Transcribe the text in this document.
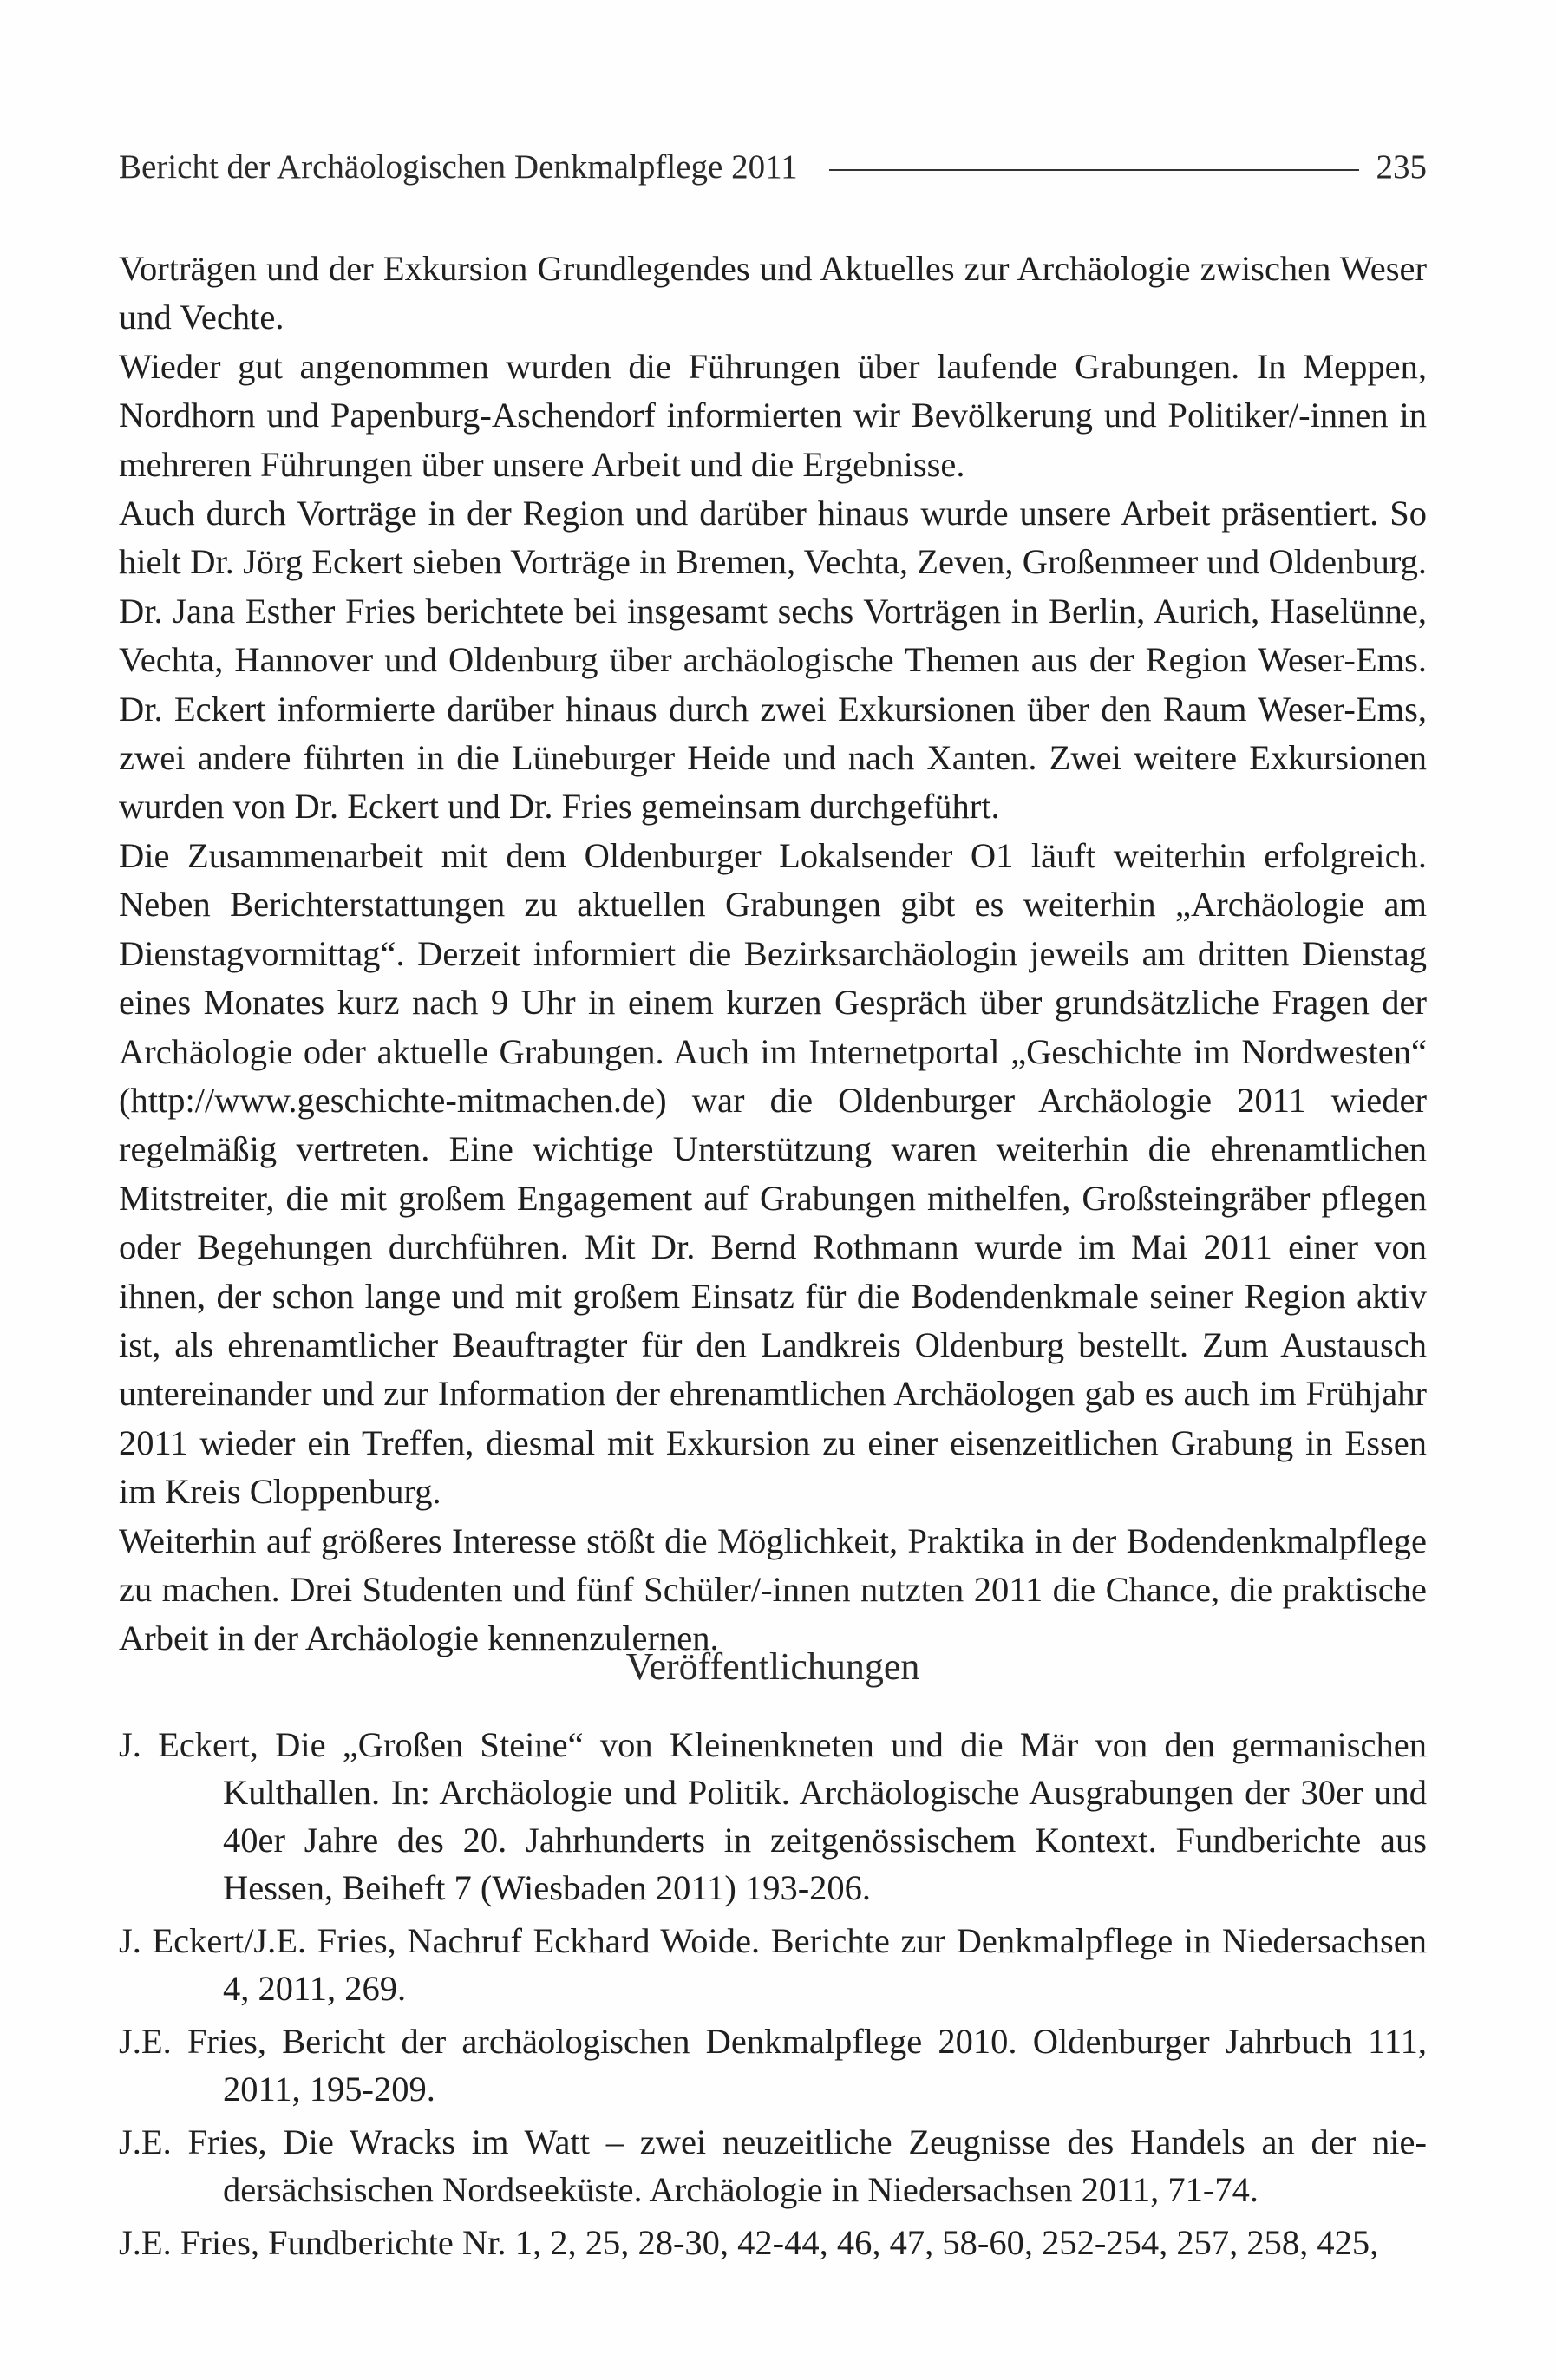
Bericht der Archäologischen Denkmalpflege 2011	235

Vorträgen und der Exkursion Grundlegendes und Aktuelles zur Archäologie zwischen Weser und Vechte.

Wieder gut angenommen wurden die Führungen über laufende Grabungen. In Meppen, Nordhorn und Papenburg-Aschendorf informierten wir Bevölkerung und Politiker/-innen in mehreren Führungen über unsere Arbeit und die Ergebnisse.

Auch durch Vorträge in der Region und darüber hinaus wurde unsere Arbeit präsentiert. So hielt Dr. Jörg Eckert sieben Vorträge in Bremen, Vechta, Zeven, Großenmeer und Oldenburg. Dr. Jana Esther Fries berichtete bei insgesamt sechs Vorträgen in Berlin, Aurich, Haselünne, Vechta, Hannover und Oldenburg über archäologische Themen aus der Region Weser-Ems. Dr. Eckert informierte darüber hinaus durch zwei Exkursionen über den Raum Weser-Ems, zwei andere führten in die Lüneburger Heide und nach Xanten. Zwei weitere Exkursionen wurden von Dr. Eckert und Dr. Fries gemeinsam durchgeführt.

Die Zusammenarbeit mit dem Oldenburger Lokalsender O1 läuft weiterhin erfolgreich. Neben Berichterstattungen zu aktuellen Grabungen gibt es weiterhin „Archäologie am Dienstagvormittag“. Derzeit informiert die Bezirksarchäologin jeweils am dritten Dienstag eines Monates kurz nach 9 Uhr in einem kurzen Gespräch über grundsätzliche Fragen der Archäologie oder aktuelle Grabungen. Auch im Internetportal „Geschichte im Nordwesten“ (http://www.geschichte-mitmachen.de) war die Oldenburger Archäologie 2011 wieder regelmäßig vertreten. Eine wichtige Unterstützung waren weiterhin die ehrenamtlichen Mitstreiter, die mit großem Engagement auf Grabungen mithelfen, Großsteingräber pflegen oder Begehungen durchführen. Mit Dr. Bernd Rothmann wurde im Mai 2011 einer von ihnen, der schon lange und mit großem Einsatz für die Bodendenkmale seiner Region aktiv ist, als ehrenamtlicher Beauftragter für den Landkreis Oldenburg bestellt. Zum Austausch untereinander und zur Information der ehrenamtlichen Archäologen gab es auch im Frühjahr 2011 wieder ein Treffen, diesmal mit Exkursion zu einer eisenzeitlichen Grabung in Essen im Kreis Cloppenburg.

Weiterhin auf größeres Interesse stößt die Möglichkeit, Praktika in der Bodendenkmalpflege zu machen. Drei Studenten und fünf Schüler/-innen nutzten 2011 die Chance, die praktische Arbeit in der Archäologie kennenzulernen.

Veröffentlichungen

J. Eckert, Die „Großen Steine“ von Kleinenkneten und die Mär von den germanischen Kulthallen. In: Archäologie und Politik. Archäologische Ausgrabungen der 30er und 40er Jahre des 20. Jahrhunderts in zeitgenössischem Kontext. Fundberichte aus Hessen, Beiheft 7 (Wiesbaden 2011) 193-206.

J. Eckert/J.E. Fries, Nachruf Eckhard Woide. Berichte zur Denkmalpflege in Niedersachsen 4, 2011, 269.

J.E. Fries, Bericht der archäologischen Denkmalpflege 2010. Oldenburger Jahrbuch 111, 2011, 195-209.

J.E. Fries, Die Wracks im Watt – zwei neuzeitliche Zeugnisse des Handels an der niedersächsischen Nordseeküste. Archäologie in Niedersachsen 2011, 71-74.

J.E. Fries, Fundberichte Nr. 1, 2, 25, 28-30, 42-44, 46, 47, 58-60, 252-254, 257, 258, 425,
